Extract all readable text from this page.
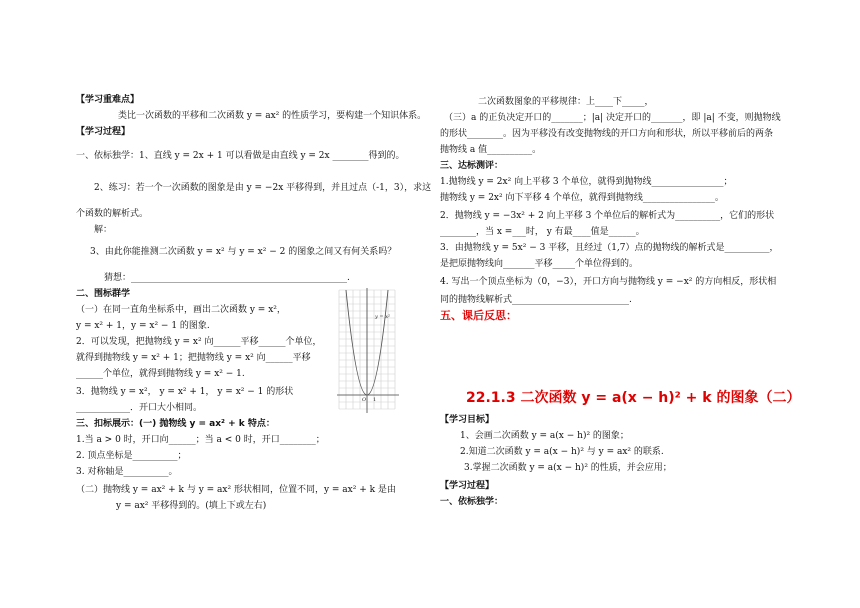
【学习重难点】
类比一次函数的平移和二次函数 y = ax² 的性质学习，要构建一个知识体系。
【学习过程】
一、依标独学：1、直线 y = 2x + 1 可以看做是由直线 y = 2x ________得到的。
2、练习：若一个一次函数的图象是由 y = −2x 平移得到，并且过点（-1，3），求这
个函数的解析式。
解：
3、由此你能推测二次函数 y = x² 与 y = x² − 2 的图象之间又有何关系吗？
猜想：________________________________________________.
二、围标群学
（一）在同一直角坐标系中，画出二次函数 y = x²，
y = x² + 1，y = x² − 1 的图象.
2．可以发现，把抛物线 y = x² 向______平移______个单位，
就得到抛物线 y = x² + 1；把抛物线 y = x² 向______平移
______个单位，就得到抛物线 y = x² − 1.
3．抛物线 y = x²， y = x² + 1， y = x² − 1 的形状
____________．开口大小相同。
三、扣标展示：(一) 抛物线 y = ax² + k 特点：
1.当 a > 0 时，开口向______；当 a < 0 时，开口________；
2. 顶点坐标是__________；
3. 对称轴是__________。
（二）抛物线 y = ax² + k 与 y = ax² 形状相同，位置不同，y = ax² + k 是由
y = ax² 平移得到的。(填上下或左右)
y = x²
O 1
二次函数图象的平移规律：上____下_____，
（三）a 的正负决定开口的_______；|a| 决定开口的_______，即 |a| 不变，则抛物线
的形状________。因为平移没有改变抛物线的开口方向和形状，所以平移前后的两条
抛物线 a 值__________。
三、达标测评：
1.抛物线 y = 2x² 向上平移 3 个单位，就得到抛物线________________；
抛物线 y = 2x² 向下平移 4 个单位，就得到抛物线________________。
2．抛物线 y = −3x² + 2 向上平移 3 个单位后的解析式为__________，它们的形状
________，当 x =___时， y 有最____值是______。
3．由抛物线 y = 5x² − 3 平移，且经过（1,7）点的抛物线的解析式是__________，
是把原抛物线向_______平移_____个单位得到的。
4. 写出一个顶点坐标为（0，−3），开口方向与抛物线 y = −x² 的方向相反，形状相
同的抛物线解析式__________________________.
五、课后反思：
22.1.3 二次函数 y = a(x − h)² + k 的图象（二）
【学习目标】
1、会画二次函数 y = a(x − h)² 的图象；
2.知道二次函数 y = a(x − h)² 与 y = ax² 的联系.
3.掌握二次函数 y = a(x − h)² 的性质，并会应用；
【学习过程】
一、依标独学：
